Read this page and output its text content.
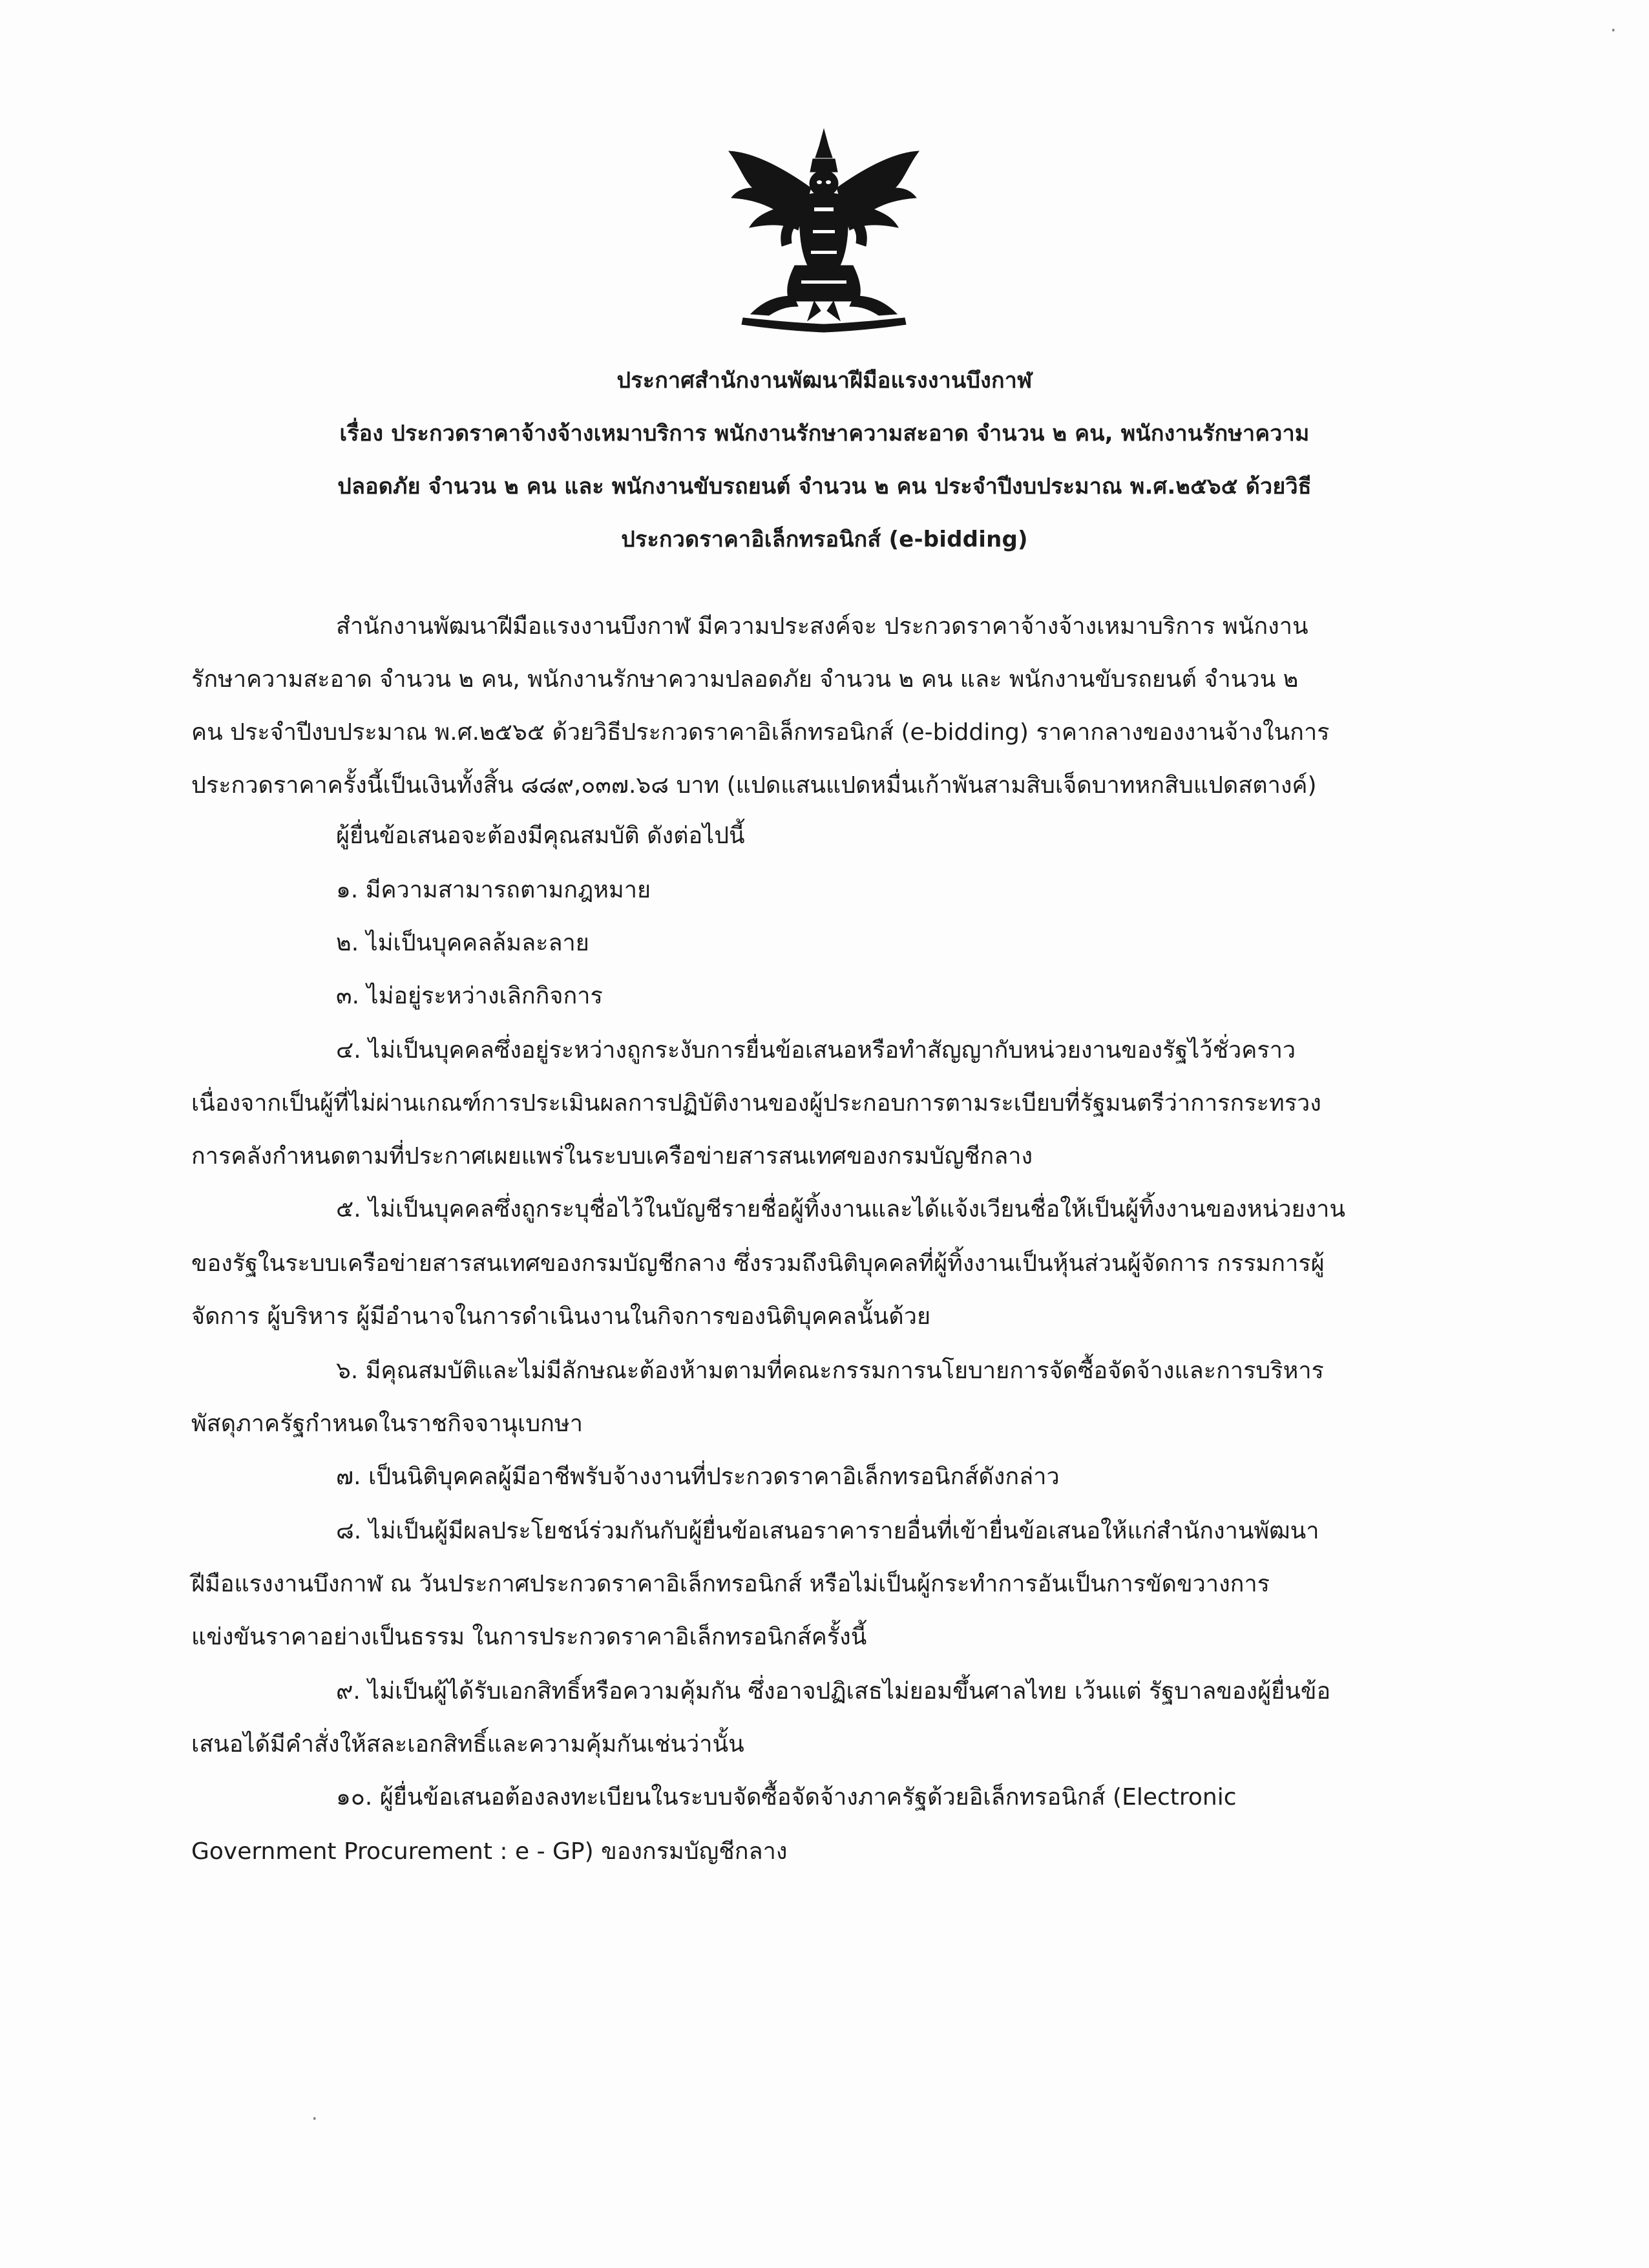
ประกาศสำนักงานพัฒนาฝีมือแรงงานบึงกาฬ
เรื่อง ประกวดราคาจ้างจ้างเหมาบริการ พนักงานรักษาความสะอาด จำนวน ๒ คน, พนักงานรักษาความ
ปลอดภัย จำนวน ๒ คน และ พนักงานขับรถยนต์ จำนวน ๒ คน ประจำปีงบประมาณ พ.ศ.๒๕๖๕ ด้วยวิธี
ประกวดราคาอิเล็กทรอนิกส์ (e-bidding)
สำนักงานพัฒนาฝีมือแรงงานบึงกาฬ มีความประสงค์จะ ประกวดราคาจ้างจ้างเหมาบริการ พนักงาน
รักษาความสะอาด จำนวน ๒ คน, พนักงานรักษาความปลอดภัย จำนวน ๒ คน และ พนักงานขับรถยนต์ จำนวน ๒
คน ประจำปีงบประมาณ พ.ศ.๒๕๖๕ ด้วยวิธีประกวดราคาอิเล็กทรอนิกส์ (e-bidding) ราคากลางของงานจ้างในการ
ประกวดราคาครั้งนี้เป็นเงินทั้งสิ้น ๘๘๙,๐๓๗.๖๘ บาท (แปดแสนแปดหมื่นเก้าพันสามสิบเจ็ดบาทหกสิบแปดสตางค์)
ผู้ยื่นข้อเสนอจะต้องมีคุณสมบัติ ดังต่อไปนี้
๑. มีความสามารถตามกฎหมาย
๒. ไม่เป็นบุคคลล้มละลาย
๓. ไม่อยู่ระหว่างเลิกกิจการ
๔. ไม่เป็นบุคคลซึ่งอยู่ระหว่างถูกระงับการยื่นข้อเสนอหรือทำสัญญากับหน่วยงานของรัฐไว้ชั่วคราว
เนื่องจากเป็นผู้ที่ไม่ผ่านเกณฑ์การประเมินผลการปฏิบัติงานของผู้ประกอบการตามระเบียบที่รัฐมนตรีว่าการกระทรวง
การคลังกำหนดตามที่ประกาศเผยแพร่ในระบบเครือข่ายสารสนเทศของกรมบัญชีกลาง
๕. ไม่เป็นบุคคลซึ่งถูกระบุชื่อไว้ในบัญชีรายชื่อผู้ทิ้งงานและได้แจ้งเวียนชื่อให้เป็นผู้ทิ้งงานของหน่วยงาน
ของรัฐในระบบเครือข่ายสารสนเทศของกรมบัญชีกลาง ซึ่งรวมถึงนิติบุคคลที่ผู้ทิ้งงานเป็นหุ้นส่วนผู้จัดการ กรรมการผู้
จัดการ ผู้บริหาร ผู้มีอำนาจในการดำเนินงานในกิจการของนิติบุคคลนั้นด้วย
๖. มีคุณสมบัติและไม่มีลักษณะต้องห้ามตามที่คณะกรรมการนโยบายการจัดซื้อจัดจ้างและการบริหาร
พัสดุภาครัฐกำหนดในราชกิจจานุเบกษา
๗. เป็นนิติบุคคลผู้มีอาชีพรับจ้างงานที่ประกวดราคาอิเล็กทรอนิกส์ดังกล่าว
๘. ไม่เป็นผู้มีผลประโยชน์ร่วมกันกับผู้ยื่นข้อเสนอราคารายอื่นที่เข้ายื่นข้อเสนอให้แก่สำนักงานพัฒนา
ฝีมือแรงงานบึงกาฬ ณ วันประกาศประกวดราคาอิเล็กทรอนิกส์ หรือไม่เป็นผู้กระทำการอันเป็นการขัดขวางการ
แข่งขันราคาอย่างเป็นธรรม ในการประกวดราคาอิเล็กทรอนิกส์ครั้งนี้
๙. ไม่เป็นผู้ได้รับเอกสิทธิ์หรือความคุ้มกัน ซึ่งอาจปฏิเสธไม่ยอมขึ้นศาลไทย เว้นแต่ รัฐบาลของผู้ยื่นข้อ
เสนอได้มีคำสั่งให้สละเอกสิทธิ์และความคุ้มกันเช่นว่านั้น
๑๐. ผู้ยื่นข้อเสนอต้องลงทะเบียนในระบบจัดซื้อจัดจ้างภาครัฐด้วยอิเล็กทรอนิกส์ (Electronic
Government Procurement : e - GP) ของกรมบัญชีกลาง
·
·
